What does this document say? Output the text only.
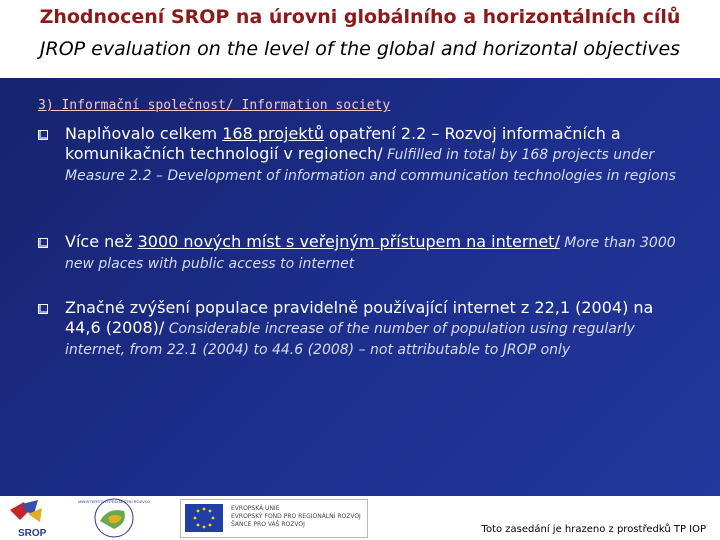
Zhodnocení SROP na úrovni globálního a horizontálních cílů
JROP evaluation on the level of the global and horizontal objectives
3) Informační společnost/ Information society
Naplňovalo celkem 168 projektů opatření 2.2 – Rozvoj informačních a komunikačních technologií v regionech/ Fulfilled in total by 168 projects under Measure 2.2 – Development of information and communication technologies in regions
Více než 3000 nových míst s veřejným přístupem na internet/ More than 3000 new places with public access to internet
Značné zvýšení populace pravidelně používající internet z 22,1 (2004) na 44,6 (2008)/ Considerable increase of the number of population using regularly internet, from 22.1 (2004) to 44.6 (2008) – not attributable to JROP only
SROP
MINISTERSTVO PRO MÍSTNÍ ROZVOJ
EVROPSKÁ UNIE
EVROPSKÝ FOND PRO REGIONÁLNÍ ROZVOJ
ŠANCE PRO VÁŠ ROZVOJ	Toto zasedání je hrazeno z prostředků TP IOP
